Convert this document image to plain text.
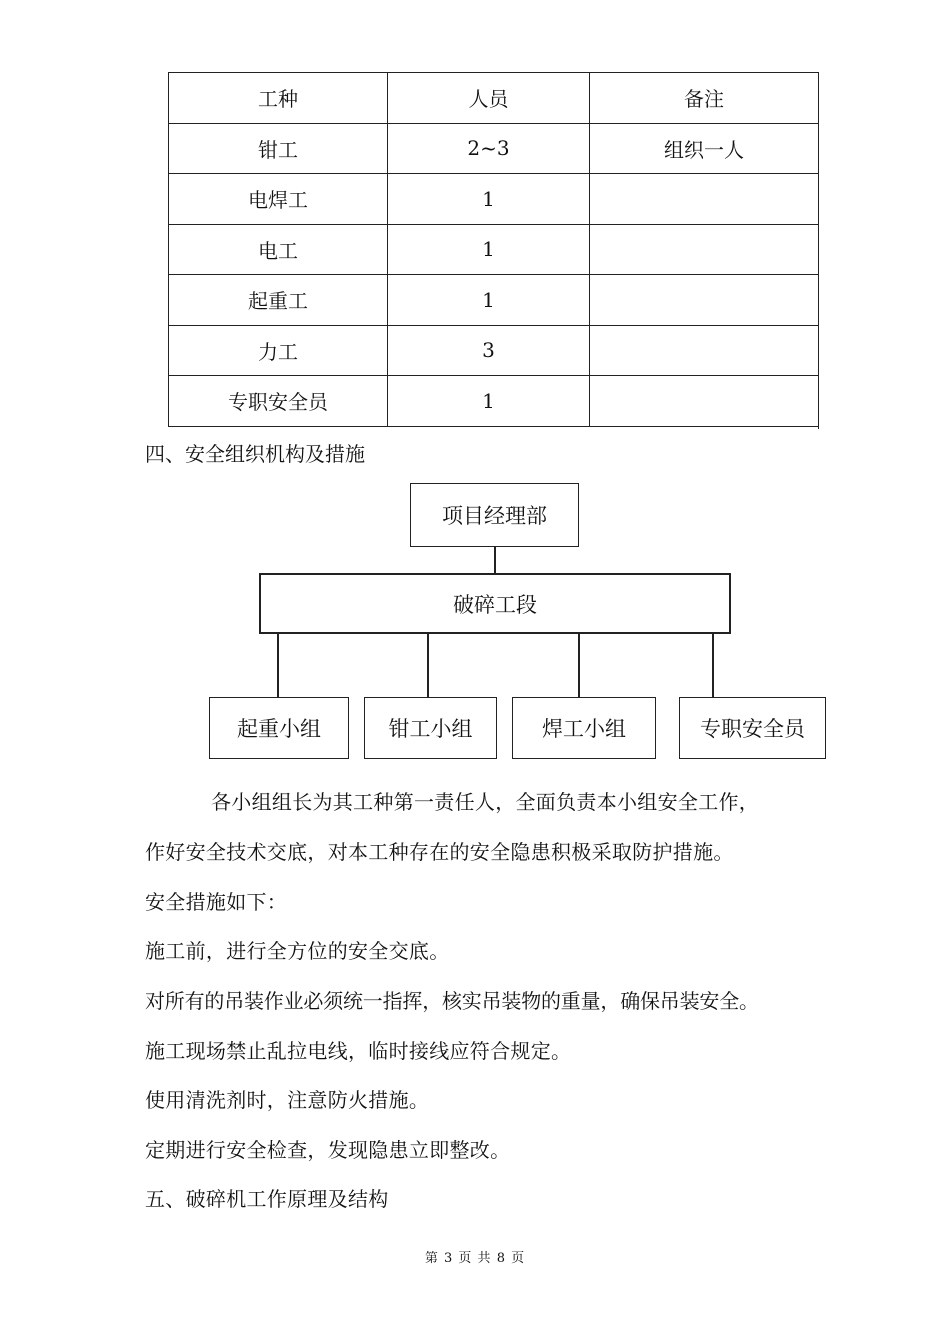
工种	人员	备注
钳工	2~3	组织一人
电焊工	1	
电工	1	
起重工	1	
力工	3	
专职安全员	1	
四、安全组织机构及措施
项目经理部
破碎工段
起重小组	钳工小组	焊工小组	专职安全员
各小组组长为其工种第一责任人，全面负责本小组安全工作，
作好安全技术交底，对本工种存在的安全隐患积极采取防护措施。
安全措施如下：
施工前，进行全方位的安全交底。
对所有的吊装作业必须统一指挥，核实吊装物的重量，确保吊装安全。
施工现场禁止乱拉电线，临时接线应符合规定。
使用清洗剂时，注意防火措施。
定期进行安全检查，发现隐患立即整改。
五、破碎机工作原理及结构
第 3 页 共 8 页
